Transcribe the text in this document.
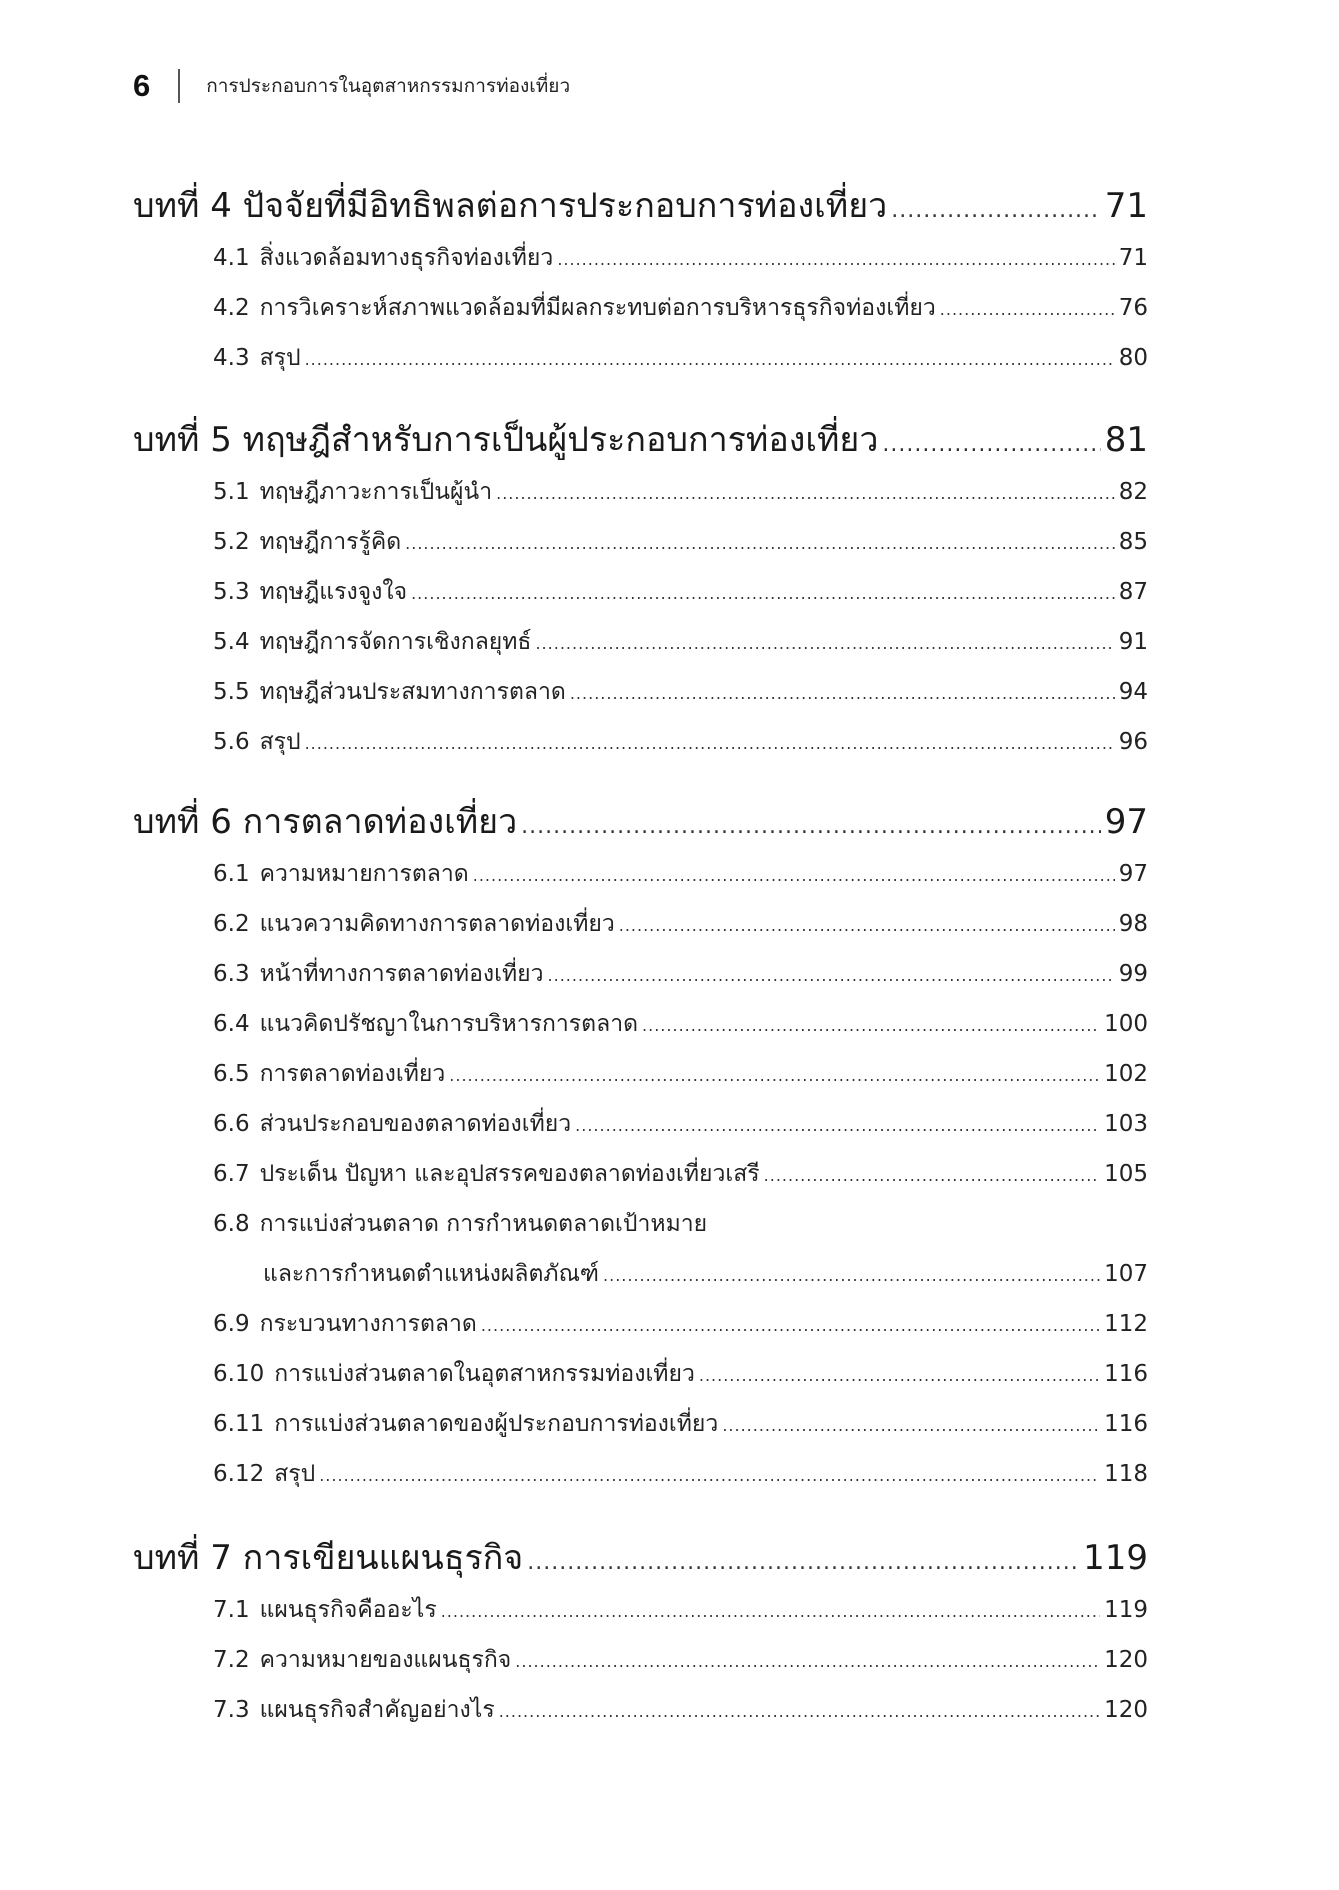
6	การประกอบการในอุตสาหกรรมการท่องเที่ยว
บทที่ 4 ปัจจัยที่มีอิทธิพลต่อการประกอบการท่องเที่ยว .....	71
4.1 สิ่งแวดล้อมทางธุรกิจท่องเที่ยว .....	71
4.2 การวิเคราะห์สภาพแวดล้อมที่มีผลกระทบต่อการบริหารธุรกิจท่องเที่ยว .....	76
4.3 สรุป .....	80
บทที่ 5 ทฤษฎีสำหรับการเป็นผู้ประกอบการท่องเที่ยว .....	81
5.1 ทฤษฎีภาวะการเป็นผู้นำ .....	82
5.2 ทฤษฎีการรู้คิด .....	85
5.3 ทฤษฎีแรงจูงใจ .....	87
5.4 ทฤษฎีการจัดการเชิงกลยุทธ์ .....	91
5.5 ทฤษฎีส่วนประสมทางการตลาด .....	94
5.6 สรุป .....	96
บทที่ 6 การตลาดท่องเที่ยว .....	97
6.1 ความหมายการตลาด .....	97
6.2 แนวความคิดทางการตลาดท่องเที่ยว .....	98
6.3 หน้าที่ทางการตลาดท่องเที่ยว .....	99
6.4 แนวคิดปรัชญาในการบริหารการตลาด .....	100
6.5 การตลาดท่องเที่ยว .....	102
6.6 ส่วนประกอบของตลาดท่องเที่ยว .....	103
6.7 ประเด็น ปัญหา และอุปสรรคของตลาดท่องเที่ยวเสรี .....	105
6.8 การแบ่งส่วนตลาด การกำหนดตลาดเป้าหมาย
และการกำหนดตำแหน่งผลิตภัณฑ์ .....	107
6.9 กระบวนทางการตลาด .....	112
6.10 การแบ่งส่วนตลาดในอุตสาหกรรมท่องเที่ยว .....	116
6.11 การแบ่งส่วนตลาดของผู้ประกอบการท่องเที่ยว .....	116
6.12 สรุป .....	118
บทที่ 7 การเขียนแผนธุรกิจ .....	119
7.1 แผนธุรกิจคืออะไร .....	119
7.2 ความหมายของแผนธุรกิจ .....	120
7.3 แผนธุรกิจสำคัญอย่างไร .....	120
